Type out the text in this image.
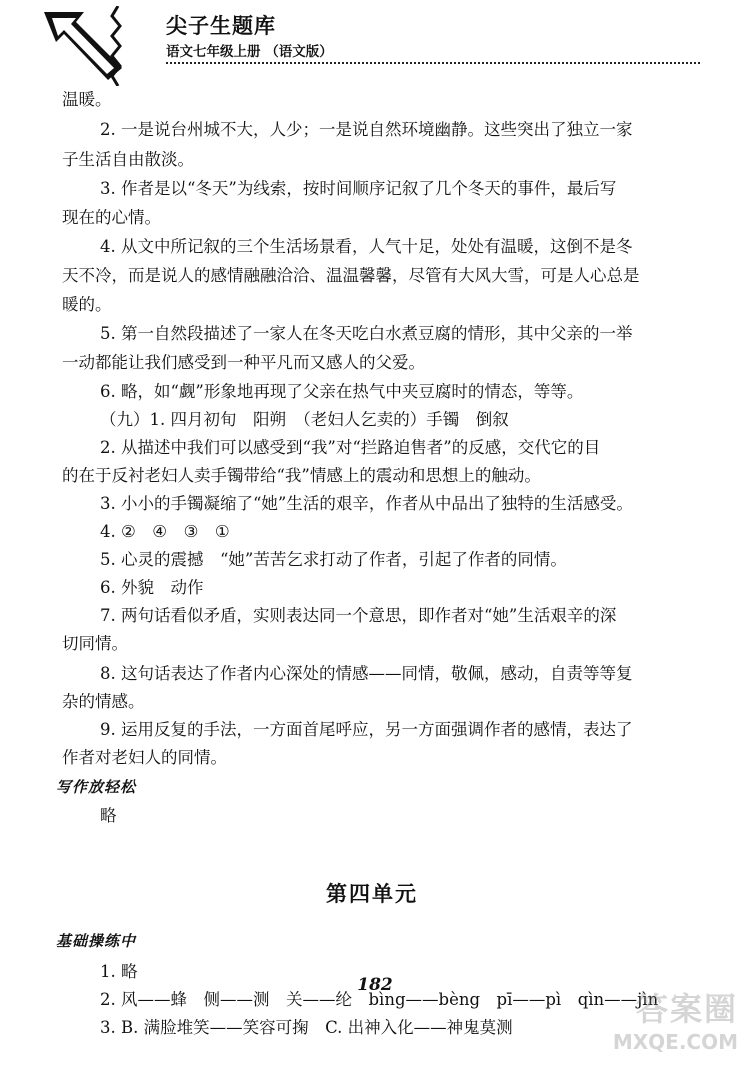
尖子生题库
语文七年级上册 （语文版）
温暖。
2. 一是说台州城不大，人少；一是说自然环境幽静。这些突出了独立一家
子生活自由散淡。
3. 作者是以“冬天”为线索，按时间顺序记叙了几个冬天的事件，最后写
现在的心情。
4. 从文中所记叙的三个生活场景看，人气十足，处处有温暖，这倒不是冬
天不冷，而是说人的感情融融洽洽、温温馨馨，尽管有大风大雪，可是人心总是
暖的。
5. 第一自然段描述了一家人在冬天吃白水煮豆腐的情形，其中父亲的一举
一动都能让我们感受到一种平凡而又感人的父爱。
6. 略，如“觑”形象地再现了父亲在热气中夹豆腐时的情态，等等。
（九）1. 四月初旬　阳朔　（老妇人乞卖的）手镯　倒叙
2. 从描述中我们可以感受到“我”对“拦路迫售者”的反感，交代它的目
的在于反衬老妇人卖手镯带给“我”情感上的震动和思想上的触动。
3. 小小的手镯凝缩了“她”生活的艰辛，作者从中品出了独特的生活感受。
4. ②　④　③　①
5. 心灵的震撼　“她”苦苦乞求打动了作者，引起了作者的同情。
6. 外貌　动作
7. 两句话看似矛盾，实则表达同一个意思，即作者对“她”生活艰辛的深
切同情。
8. 这句话表达了作者内心深处的情感——同情，敬佩，感动，自责等等复
杂的情感。
9. 运用反复的手法，一方面首尾呼应，另一方面强调作者的感情，表达了
作者对老妇人的同情。
写作放轻松
略
第四单元
基础操练中
1. 略
2. 风——蜂　侧——测　关——纶　bìng——bèng　pī——pì　qìn——jìn
3. B. 满脸堆笑——笑容可掬　C. 出神入化——神鬼莫测
182
答案圈
MXQE.COM
